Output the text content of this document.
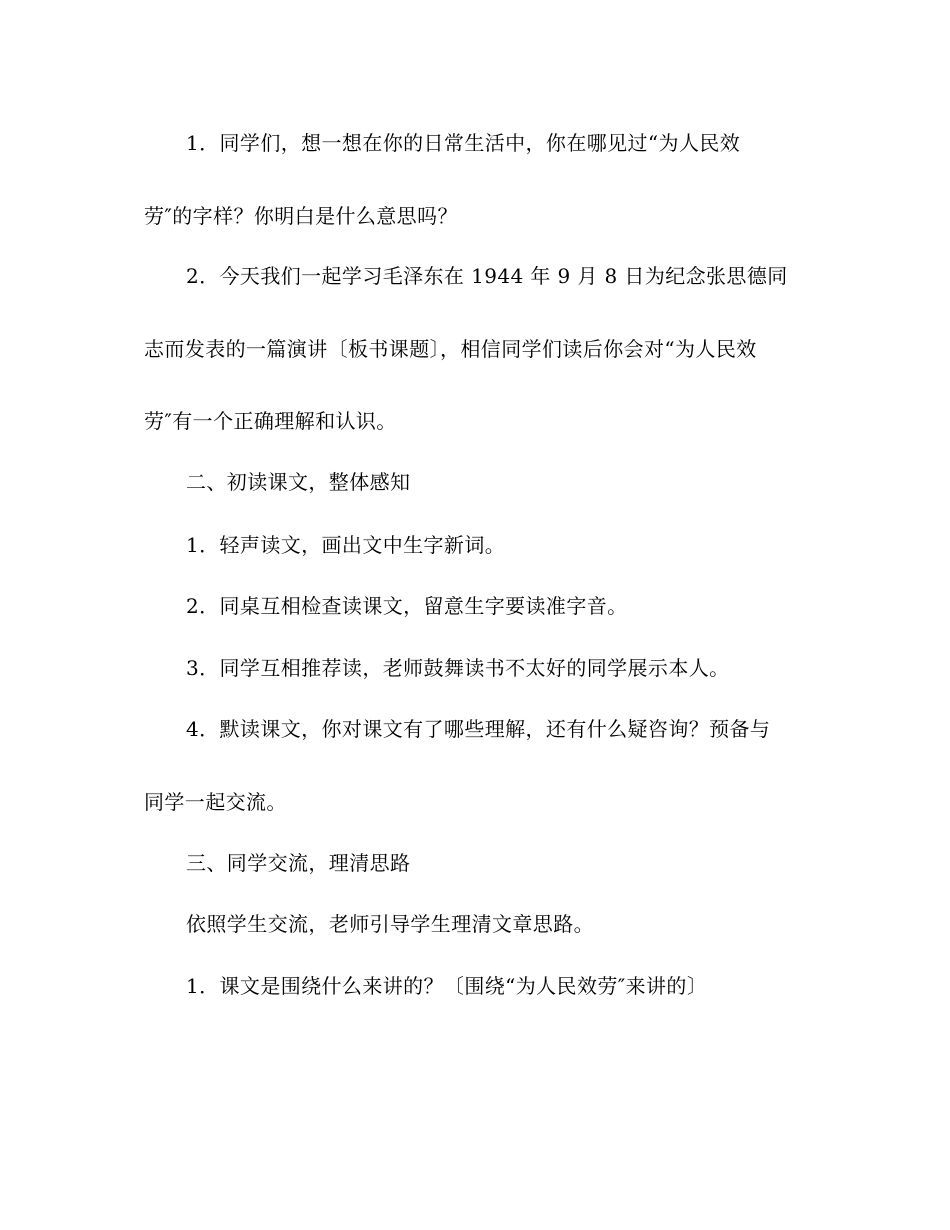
1．同学们，想一想在你的日常生活中，你在哪见过“为人民效
劳″的字样？你明白是什么意思吗？
2．今天我们一起学习毛泽东在 1944 年 9 月 8 日为纪念张思德同
志而发表的一篇演讲〔板书课题〕，相信同学们读后你会对“为人民效
劳″有一个正确理解和认识。
二、初读课文，整体感知
1．轻声读文，画出文中生字新词。
2．同桌互相检查读课文，留意生字要读准字音。
3．同学互相推荐读，老师鼓舞读书不太好的同学展示本人。
4．默读课文，你对课文有了哪些理解，还有什么疑咨询？预备与
同学一起交流。
三、同学交流，理清思路
依照学生交流，老师引导学生理清文章思路。
1．课文是围绕什么来讲的？〔围绕“为人民效劳″来讲的〕
